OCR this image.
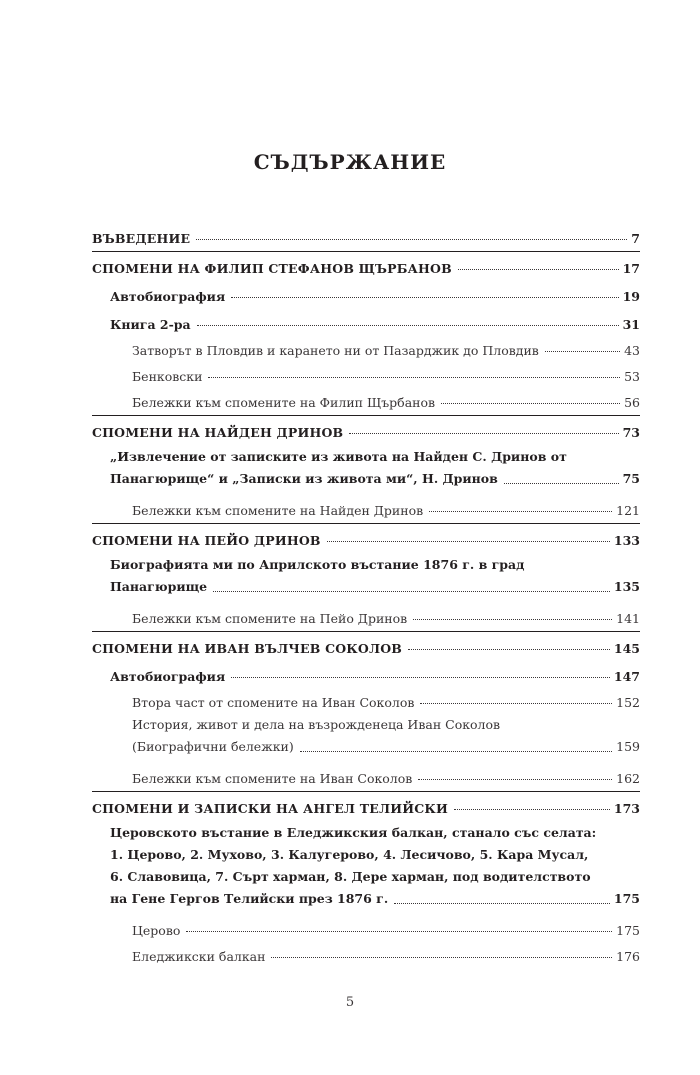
СЪДЪРЖАНИЕ
ВЪВЕДЕНИЕ	7
СПОМЕНИ НА ФИЛИП СТЕФАНОВ ЩЪРБАНОВ	17
Автобиография	19
Книга 2-ра	31
Затворът в Пловдив и карането ни от Пазарджик до Пловдив	43
Бенковски	53
Бележки към спомените на Филип Щърбанов	56
СПОМЕНИ НА НАЙДЕН ДРИНОВ	73
„Извлечение от записките из живота на Найден С. Дринов от
Панагюрище“ и „Записки из живота ми“, Н. Дринов	75
Бележки към спомените на Найден Дринов	121
СПОМЕНИ НА ПЕЙО ДРИНОВ	133
Биографията ми по Априлското въстание 1876 г. в град
Панагюрище	135
Бележки към спомените на Пейо Дринов	141
СПОМЕНИ НА ИВАН ВЪЛЧЕВ СОКОЛОВ	145
Автобиография	147
Втора част от спомените на Иван Соколов	152
История, живот и дела на възрожденеца Иван Соколов
(Биографични бележки)	159
Бележки към спомените на Иван Соколов	162
СПОМЕНИ И ЗАПИСКИ НА АНГЕЛ ТЕЛИЙСКИ	173
Церовското въстание в Еледжикския балкан, станало със селата:
1. Церово, 2. Мухово, 3. Калугерово, 4. Лесичово, 5. Кара Мусал,
6. Славовица, 7. Сърт харман, 8. Дере харман, под водителството
на Гене Гергов Телийски през 1876 г.	175
Церово	175
Еледжикски балкан	176
5
